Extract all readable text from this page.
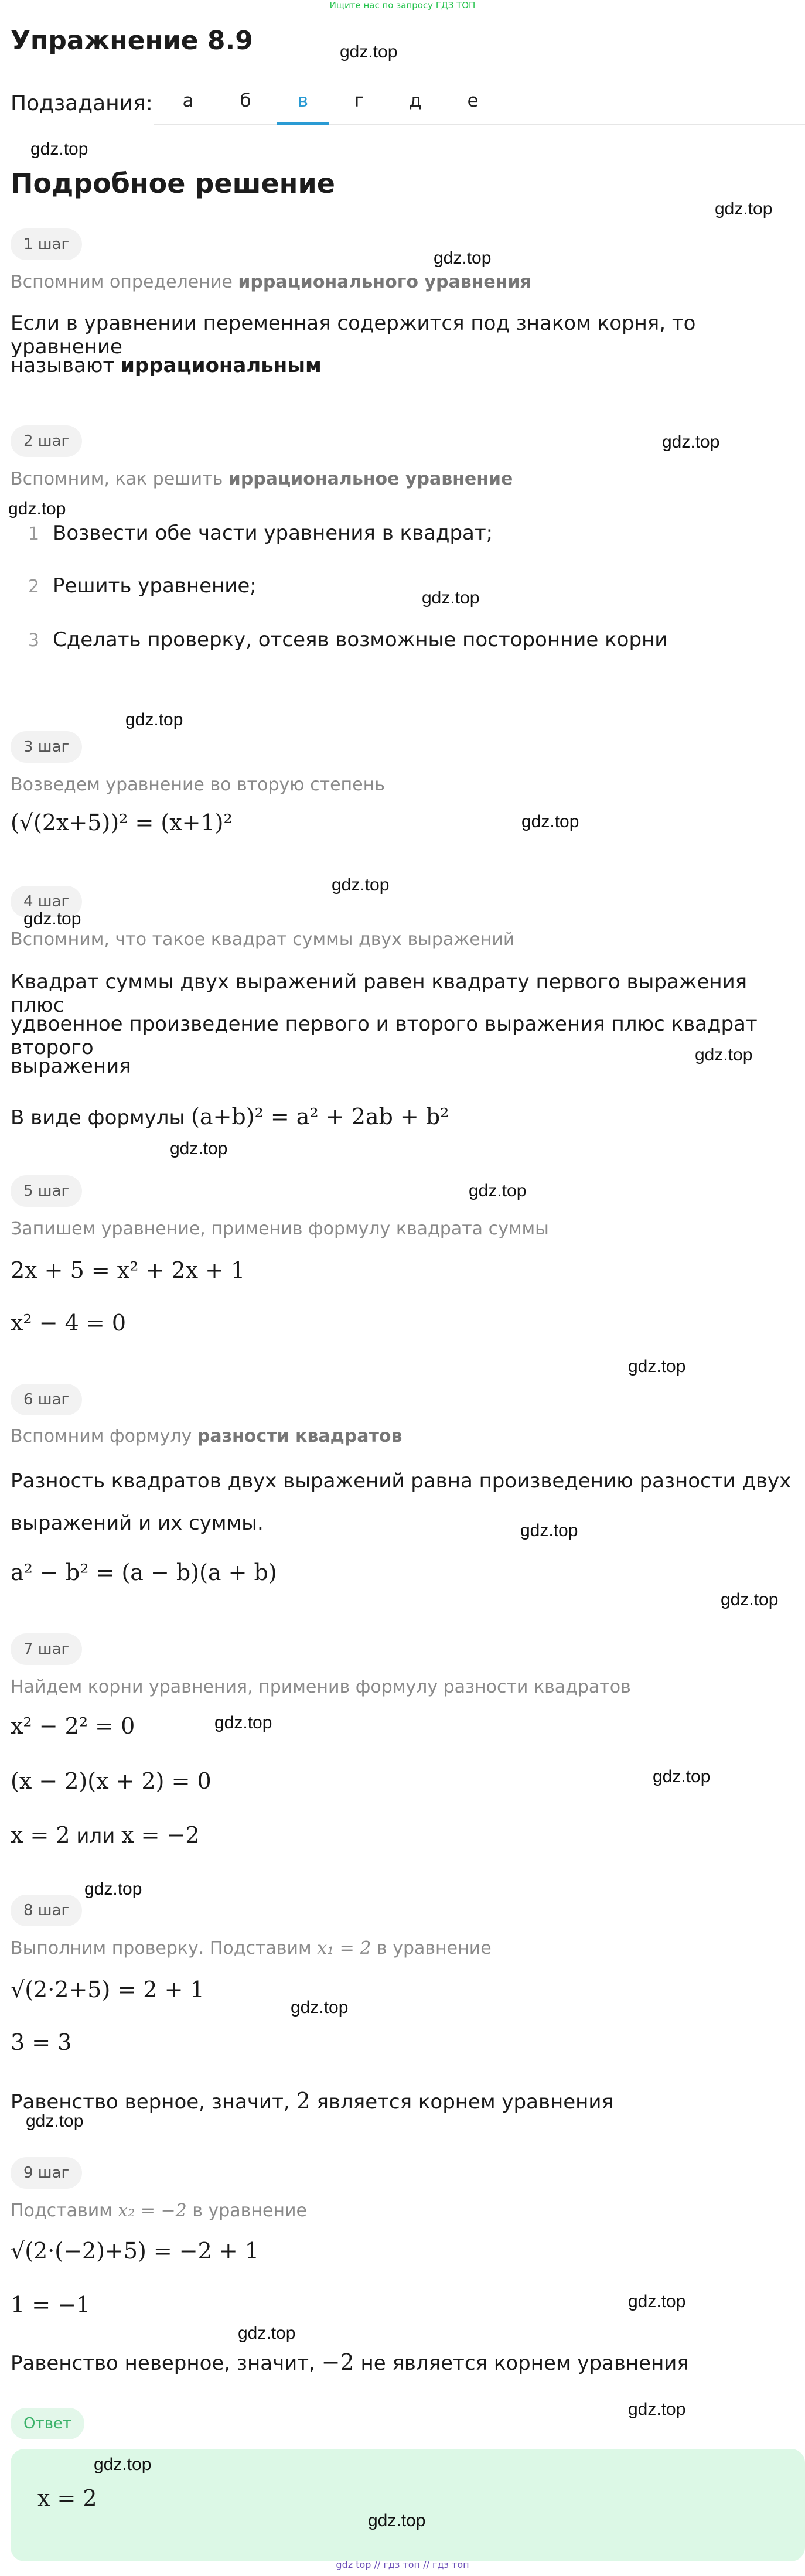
Ищите нас по запросу ГДЗ ТОП
Упражнение 8.9	gdz.top
Подзадания:	а	б	в	г	д	е
gdz.top
Подробное решение
gdz.top
1 шаг
gdz.top
Вспомним определение иррационального уравнения
Если в уравнении переменная содержится под знаком корня, то уравнение
называют иррациональным
2 шаг	gdz.top
Вспомним, как решить иррациональное уравнение
gdz.top
1 Возвести обе части уравнения в квадрат;
2 Решить уравнение;
gdz.top
3 Сделать проверку, отсеяв возможные посторонние корни
gdz.top
3 шаг
Возведем уравнение во вторую степень
(√(2x+5))² = (x+1)²	gdz.top
gdz.top
4 шаг
gdz.top
Вспомним, что такое квадрат суммы двух выражений
Квадрат суммы двух выражений равен квадрату первого выражения плюс
удвоенное произведение первого и второго выражения плюс квадрат второго	gdz.top
выражения
В виде формулы (a+b)² = a² + 2ab + b²
gdz.top
5 шаг	gdz.top
Запишем уравнение, применив формулу квадрата суммы
2x + 5 = x² + 2x + 1
x² − 4 = 0
gdz.top
6 шаг
Вспомним формулу разности квадратов
Разность квадратов двух выражений равна произведению разности двух
gdz.top
выражений и их суммы.
a² − b² = (a − b)(a + b)
gdz.top
7 шаг
Найдем корни уравнения, применив формулу разности квадратов
x² − 2² = 0	gdz.top
(x − 2)(x + 2) = 0	gdz.top
x = 2 или x = −2
gdz.top
8 шаг
Выполним проверку. Подставим x₁ = 2 в уравнение
√(2·2+5) = 2 + 1
gdz.top
3 = 3
Равенство верное, значит, 2 является корнем уравнения
gdz.top
9 шаг
Подставим x₂ = −2 в уравнение
√(2·(−2)+5) = −2 + 1
gdz.top
1 = −1
gdz.top
Равенство неверное, значит, −2 не является корнем уравнения
gdz.top
Ответ
gdz.top
x = 2
gdz.top
gdz top // гдз топ // гдз топ
